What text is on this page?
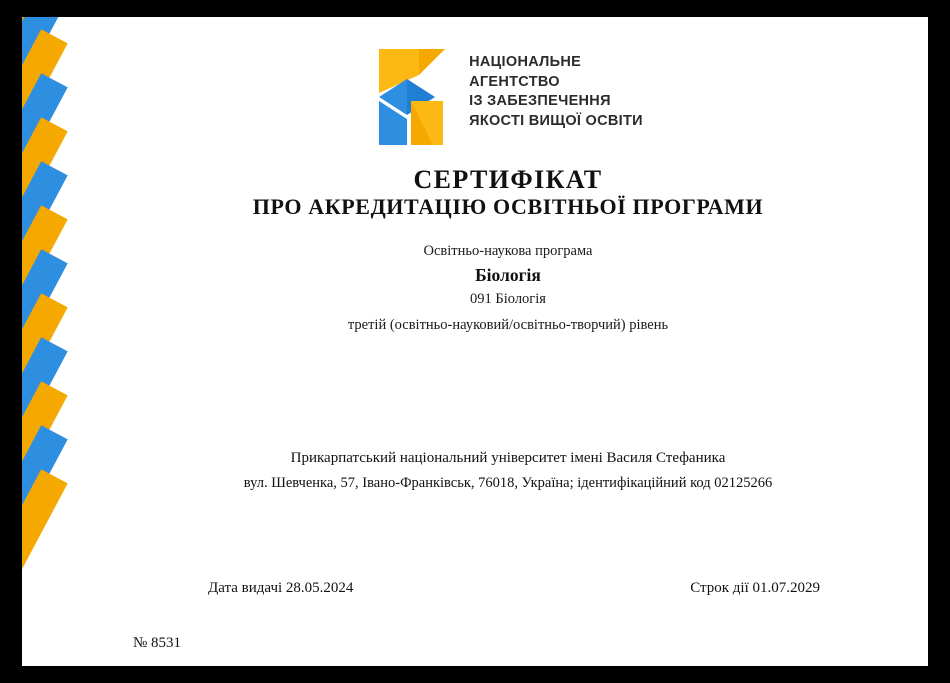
НАЦІОНАЛЬНЕ
АГЕНТСТВО
ІЗ ЗАБЕЗПЕЧЕННЯ
ЯКОСТІ ВИЩОЇ ОСВІТИ
СЕРТИФІКАТ
ПРО АКРЕДИТАЦІЮ ОСВІТНЬОЇ ПРОГРАМИ
Освітньо-наукова програма
Біологія
091 Біологія
третій (освітньо-науковий/освітньо-творчий) рівень
Прикарпатський національний університет імені Василя Стефаника
вул. Шевченка, 57, Івано-Франківськ, 76018, Україна; ідентифікаційний код 02125266
Дата видачі 28.05.2024	Строк дії 01.07.2029
№ 8531
